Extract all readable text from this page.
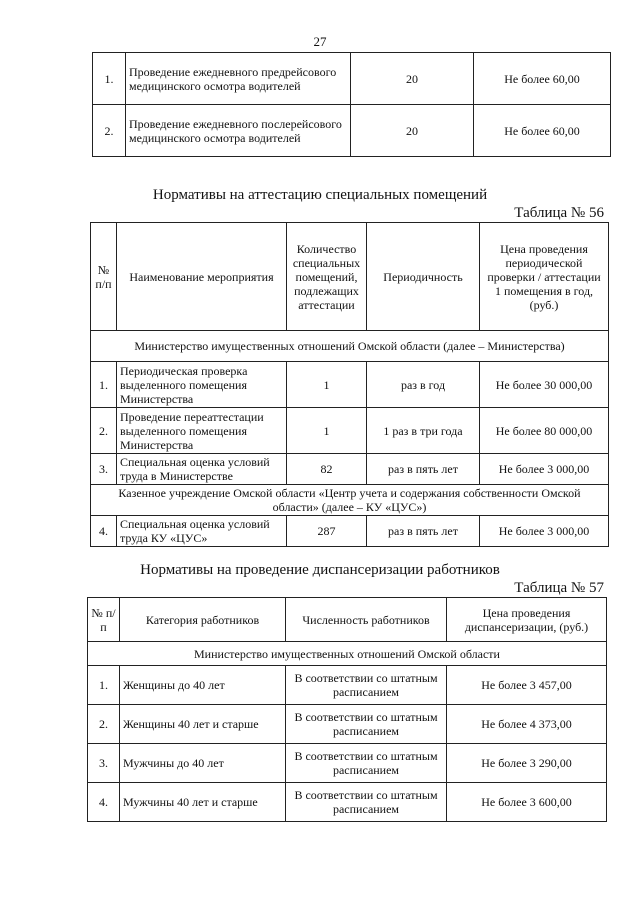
27
1.	Проведение ежедневного предрейсового медицинского осмотра водителей	20	Не более 60,00
2.	Проведение ежедневного послерейсового медицинского осмотра водителей	20	Не более 60,00
Нормативы на аттестацию специальных помещений
Таблица № 56
№ п/п	Наименование мероприятия	Количество специальных помещений, подлежащих аттестации	Периодичность	Цена проведения периодической проверки / аттестации 1 помещения в год, (руб.)
Министерство имущественных отношений Омской области (далее – Министерства)				
1.	Периодическая проверка выделенного помещения Министерства	1	раз в год	Не более 30 000,00
2.	Проведение переаттестации выделенного помещения Министерства	1	1 раз в три года	Не более 80 000,00
3.	Специальная оценка условий труда в Министерстве	82	раз в пять лет	Не более 3 000,00
Казенное учреждение Омской области «Центр учета и содержания собственности Омской области» (далее – КУ «ЦУС»)				
4.	Специальная оценка условий труда КУ «ЦУС»	287	раз в пять лет	Не более 3 000,00
Нормативы на проведение диспансеризации работников
Таблица № 57
№ п/п	Категория работников	Численность работников	Цена проведения диспансеризации, (руб.)
Министерство имущественных отношений Омской области			
1.	Женщины до 40 лет	В соответствии со штатным расписанием	Не более 3 457,00
2.	Женщины 40 лет и старше	В соответствии со штатным расписанием	Не более 4 373,00
3.	Мужчины до 40 лет	В соответствии со штатным расписанием	Не более 3 290,00
4.	Мужчины 40 лет и старше	В соответствии со штатным расписанием	Не более 3 600,00
